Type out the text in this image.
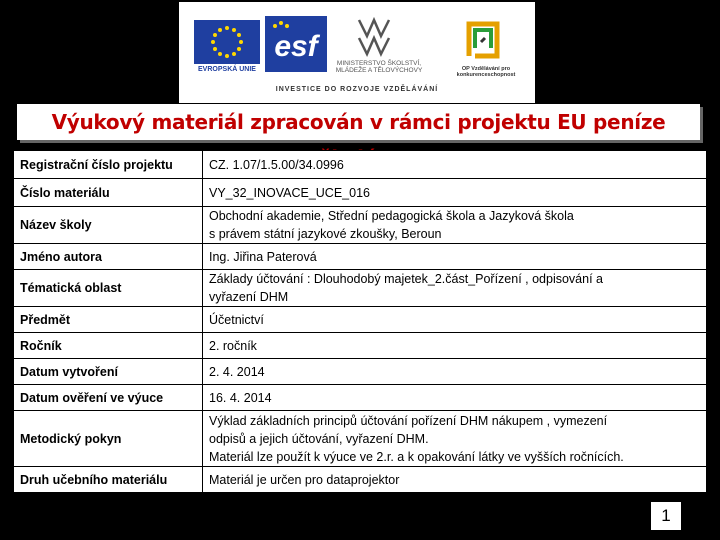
EVROPSKÁ UNIE
esf
MINISTERSTVO ŠKOLSTVÍ, MLÁDEŽE A TĚLOVÝCHOVY	OP Vzdělávání pro konkurenceschopnost
INVESTICE DO ROZVOJE VZDĚLÁVÁNÍ
Výukový materiál zpracován v rámci projektu EU peníze
Registrační číslo projektu	CZ. 1.07/1.5.00/34.0996

Číslo materiálu	VY_32_INOVACE_UCE_016

Název školy	Obchodní akademie, Střední pedagogická škola a Jazyková škola
s právem státní jazykové zkoušky, Beroun

Jméno autora	Ing. Jiřina Paterová

Tématická oblast	Základy účtování : Dlouhodobý majetek_2.část_Pořízení , odpisování a
vyřazení DHM

Předmět	Účetnictví

Ročník	2. ročník

Datum vytvoření	2. 4. 2014

Datum ověření ve výuce	16. 4. 2014

Metodický pokyn	Výklad základních principů účtování pořízení DHM nákupem , vymezení
odpisů a jejich účtování, vyřazení DHM.
Materiál lze použít k výuce ve 2.r. a k opakování látky ve vyšších ročnících.

Druh učebního materiálu	Materiál je určen pro dataprojektor
1
